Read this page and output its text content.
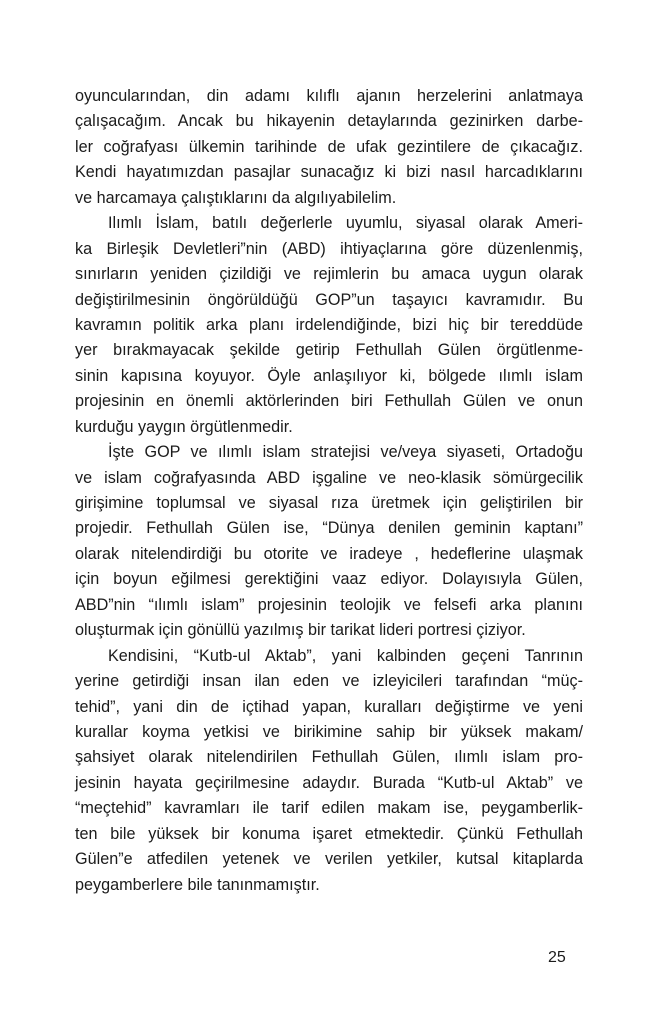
oyuncularından, din adamı kılıflı ajanın herzelerini anlatmaya
çalışacağım. Ancak bu hikayenin detaylarında gezinirken darbe-
ler coğrafyası ülkemin tarihinde de ufak gezintilere de çıkacağız.
Kendi hayatımızdan pasajlar sunacağız ki bizi nasıl harcadıklarını
ve harcamaya çalıştıklarını da algılıyabilelim.
Ilımlı İslam, batılı değerlerle uyumlu, siyasal olarak Ameri-
ka Birleşik Devletleri”nin (ABD) ihtiyaçlarına göre düzenlenmiş,
sınırların yeniden çizildiği ve rejimlerin bu amaca uygun olarak
değiştirilmesinin öngörüldüğü GOP”un taşayıcı kavramıdır. Bu
kavramın politik arka planı irdelendiğinde, bizi hiç bir tereddüde
yer bırakmayacak şekilde getirip Fethullah Gülen örgütlenme-
sinin kapısına koyuyor. Öyle anlaşılıyor ki, bölgede ılımlı islam
projesinin en önemli aktörlerinden biri Fethullah Gülen ve onun
kurduğu yaygın örgütlenmedir.
İşte GOP ve ılımlı islam stratejisi ve/veya siyaseti, Ortadoğu
ve islam coğrafyasında ABD işgaline ve neo-klasik sömürgecilik
girişimine toplumsal ve siyasal rıza üretmek için geliştirilen bir
projedir. Fethullah Gülen ise, “Dünya denilen geminin kaptanı”
olarak nitelendirdiği bu otorite ve iradeye , hedeflerine ulaşmak
için boyun eğilmesi gerektiğini vaaz ediyor. Dolayısıyla Gülen,
ABD”nin “ılımlı islam” projesinin teolojik ve felsefi arka planını
oluşturmak için gönüllü yazılmış bir tarikat lideri portresi çiziyor.
Kendisini, “Kutb-ul Aktab”, yani kalbinden geçeni Tanrının
yerine getirdiği insan ilan eden ve izleyicileri tarafından “müç-
tehid”, yani din de içtihad yapan, kuralları değiştirme ve yeni
kurallar koyma yetkisi ve birikimine sahip bir yüksek makam/
şahsiyet olarak nitelendirilen Fethullah Gülen, ılımlı islam pro-
jesinin hayata geçirilmesine adaydır. Burada “Kutb-ul Aktab” ve
“meçtehid” kavramları ile tarif edilen makam ise, peygamberlik-
ten bile yüksek bir konuma işaret etmektedir. Çünkü Fethullah
Gülen”e atfedilen yetenek ve verilen yetkiler, kutsal kitaplarda
peygamberlere bile tanınmamıştır.
25
